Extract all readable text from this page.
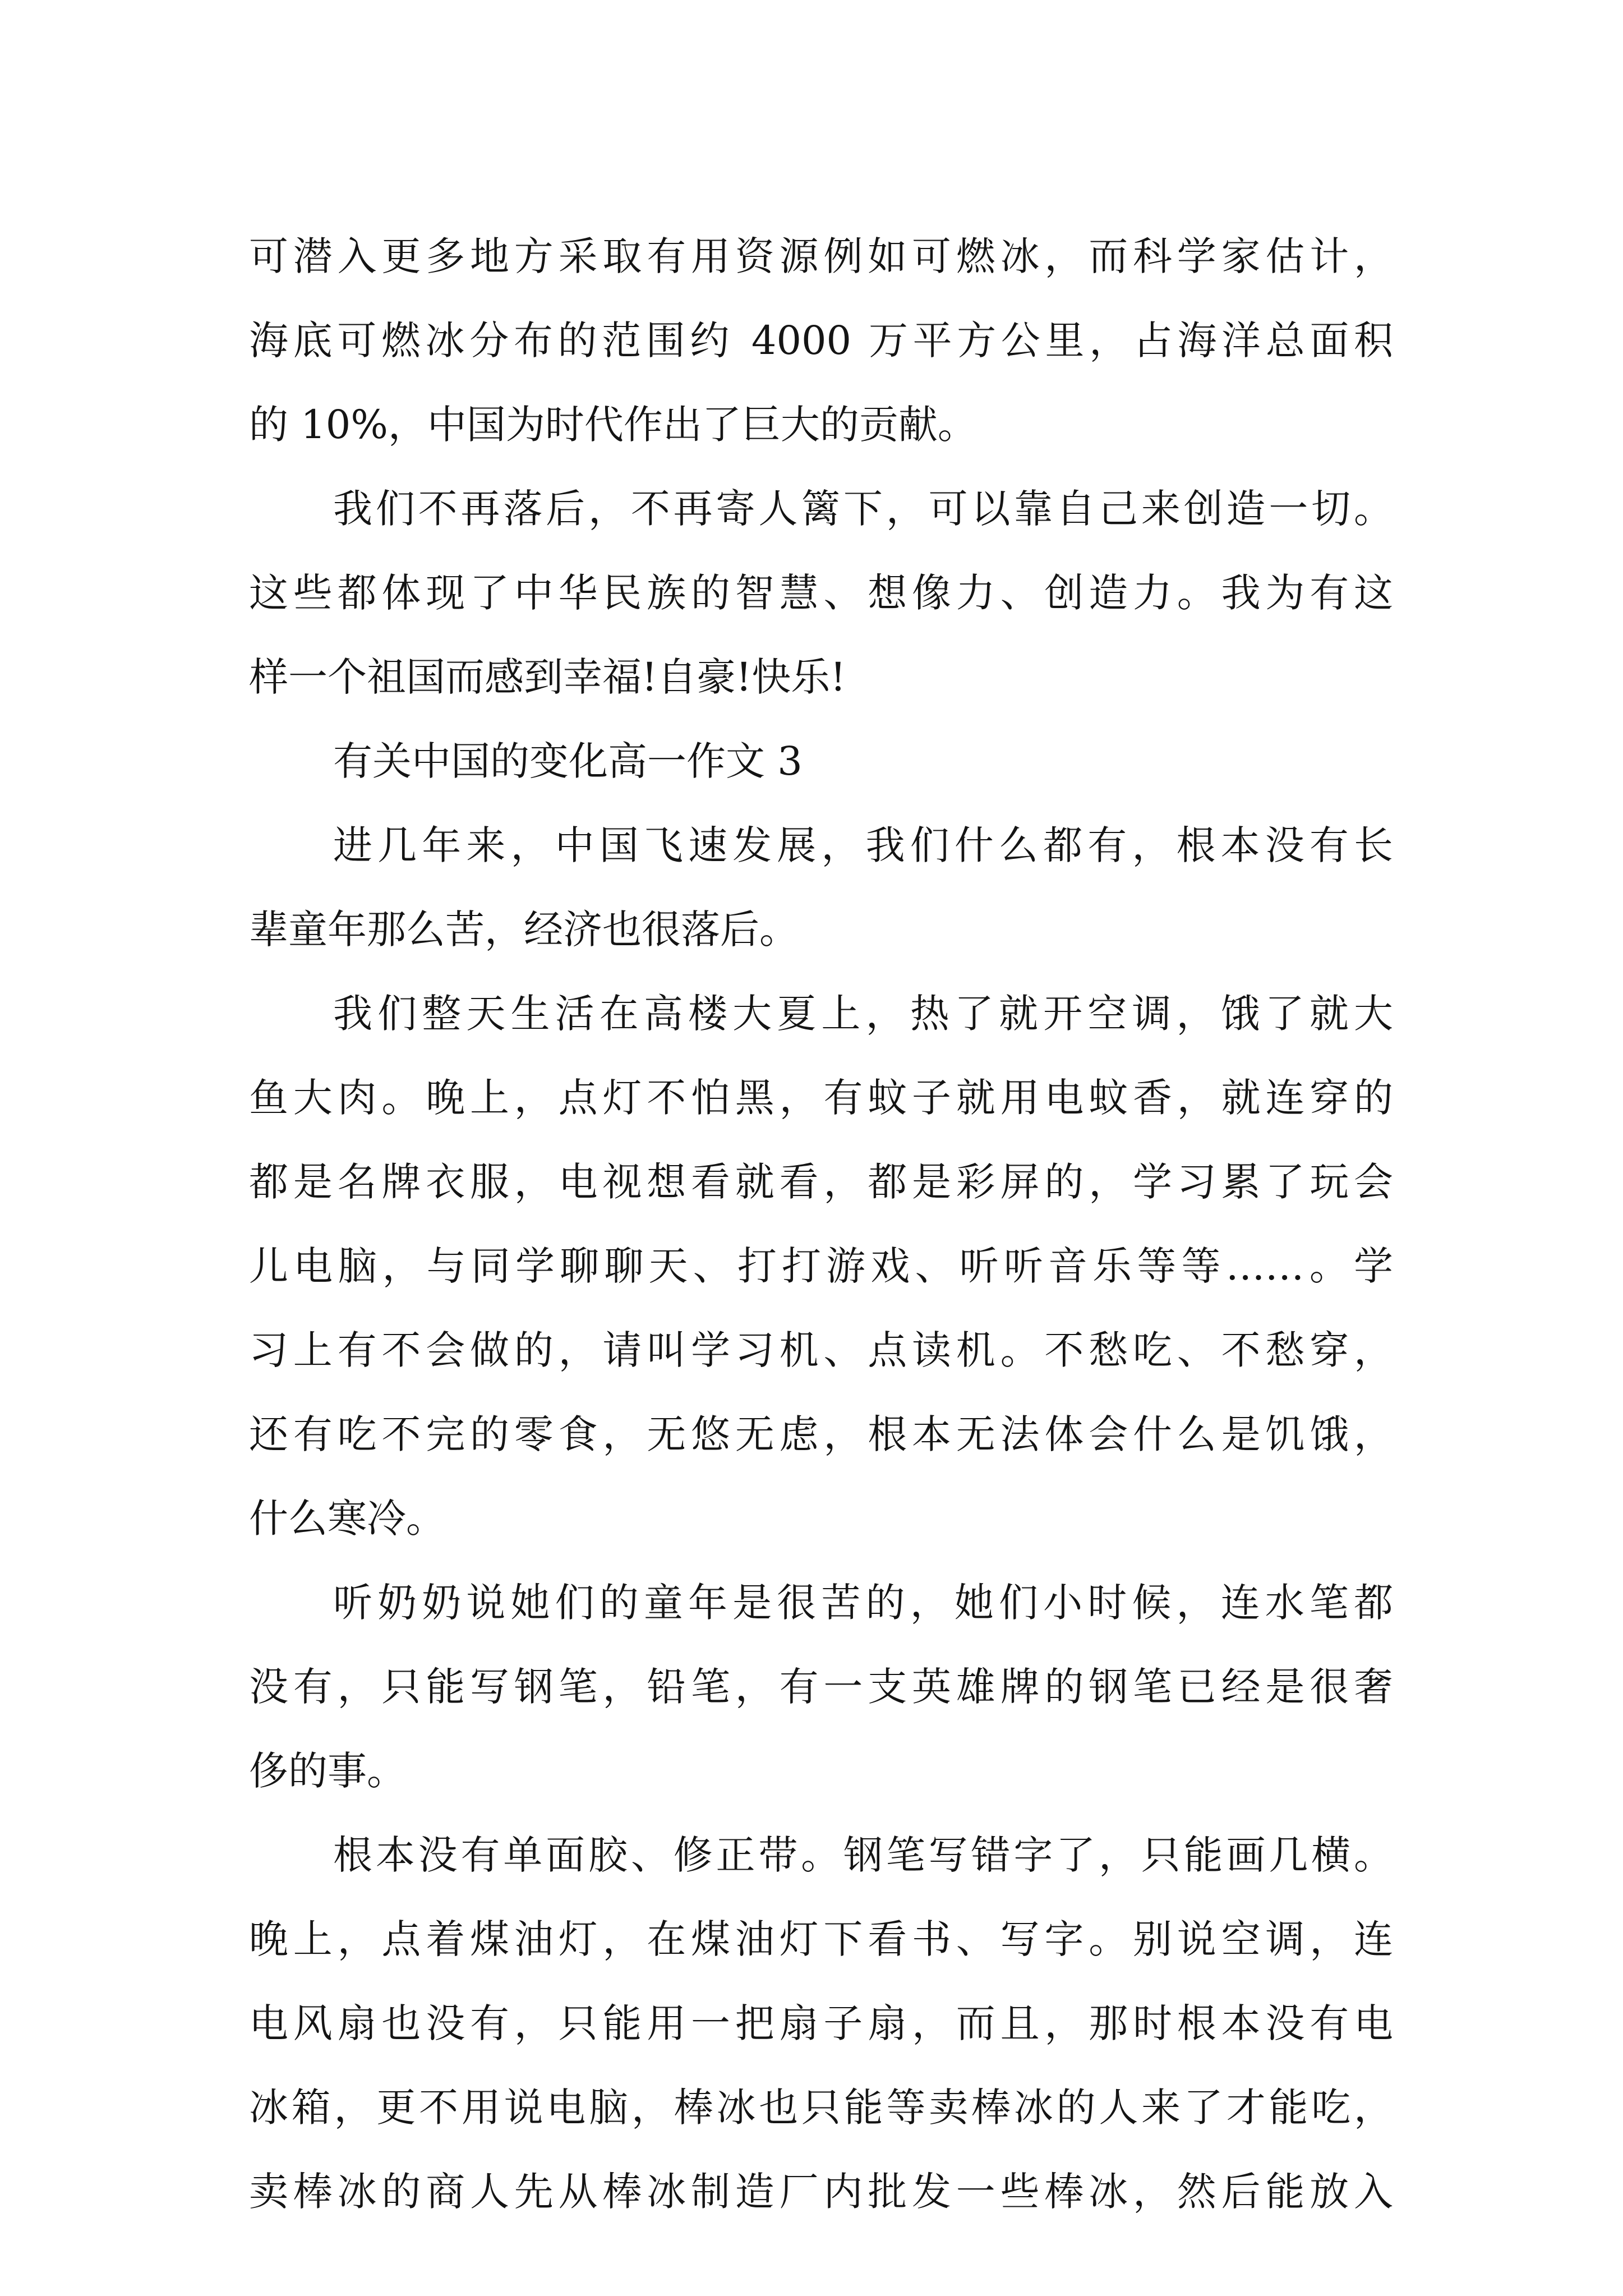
可潜入更多地方采取有用资源例如可燃冰，而科学家估计，
海底可燃冰分布的范围约 4000 万平方公里，占海洋总面积
的 10%，中国为时代作出了巨大的贡献。
我们不再落后，不再寄人篱下，可以靠自己来创造一切。
这些都体现了中华民族的智慧、想像力、创造力。我为有这
样一个祖国而感到幸福!自豪!快乐!
有关中国的变化高一作文 3
进几年来，中国飞速发展，我们什么都有，根本没有长
辈童年那么苦，经济也很落后。
我们整天生活在高楼大夏上，热了就开空调，饿了就大
鱼大肉。晚上，点灯不怕黑，有蚊子就用电蚊香，就连穿的
都是名牌衣服，电视想看就看，都是彩屏的，学习累了玩会
儿电脑，与同学聊聊天、打打游戏、听听音乐等等……。学
习上有不会做的，请叫学习机、点读机。不愁吃、不愁穿，
还有吃不完的零食，无悠无虑，根本无法体会什么是饥饿，
什么寒冷。
听奶奶说她们的童年是很苦的，她们小时候，连水笔都
没有，只能写钢笔，铅笔，有一支英雄牌的钢笔已经是很奢
侈的事。
根本没有单面胶、修正带。钢笔写错字了，只能画几横。
晚上，点着煤油灯，在煤油灯下看书、写字。别说空调，连
电风扇也没有，只能用一把扇子扇，而且，那时根本没有电
冰箱，更不用说电脑，棒冰也只能等卖棒冰的人来了才能吃，
卖棒冰的商人先从棒冰制造厂内批发一些棒冰，然后能放入
